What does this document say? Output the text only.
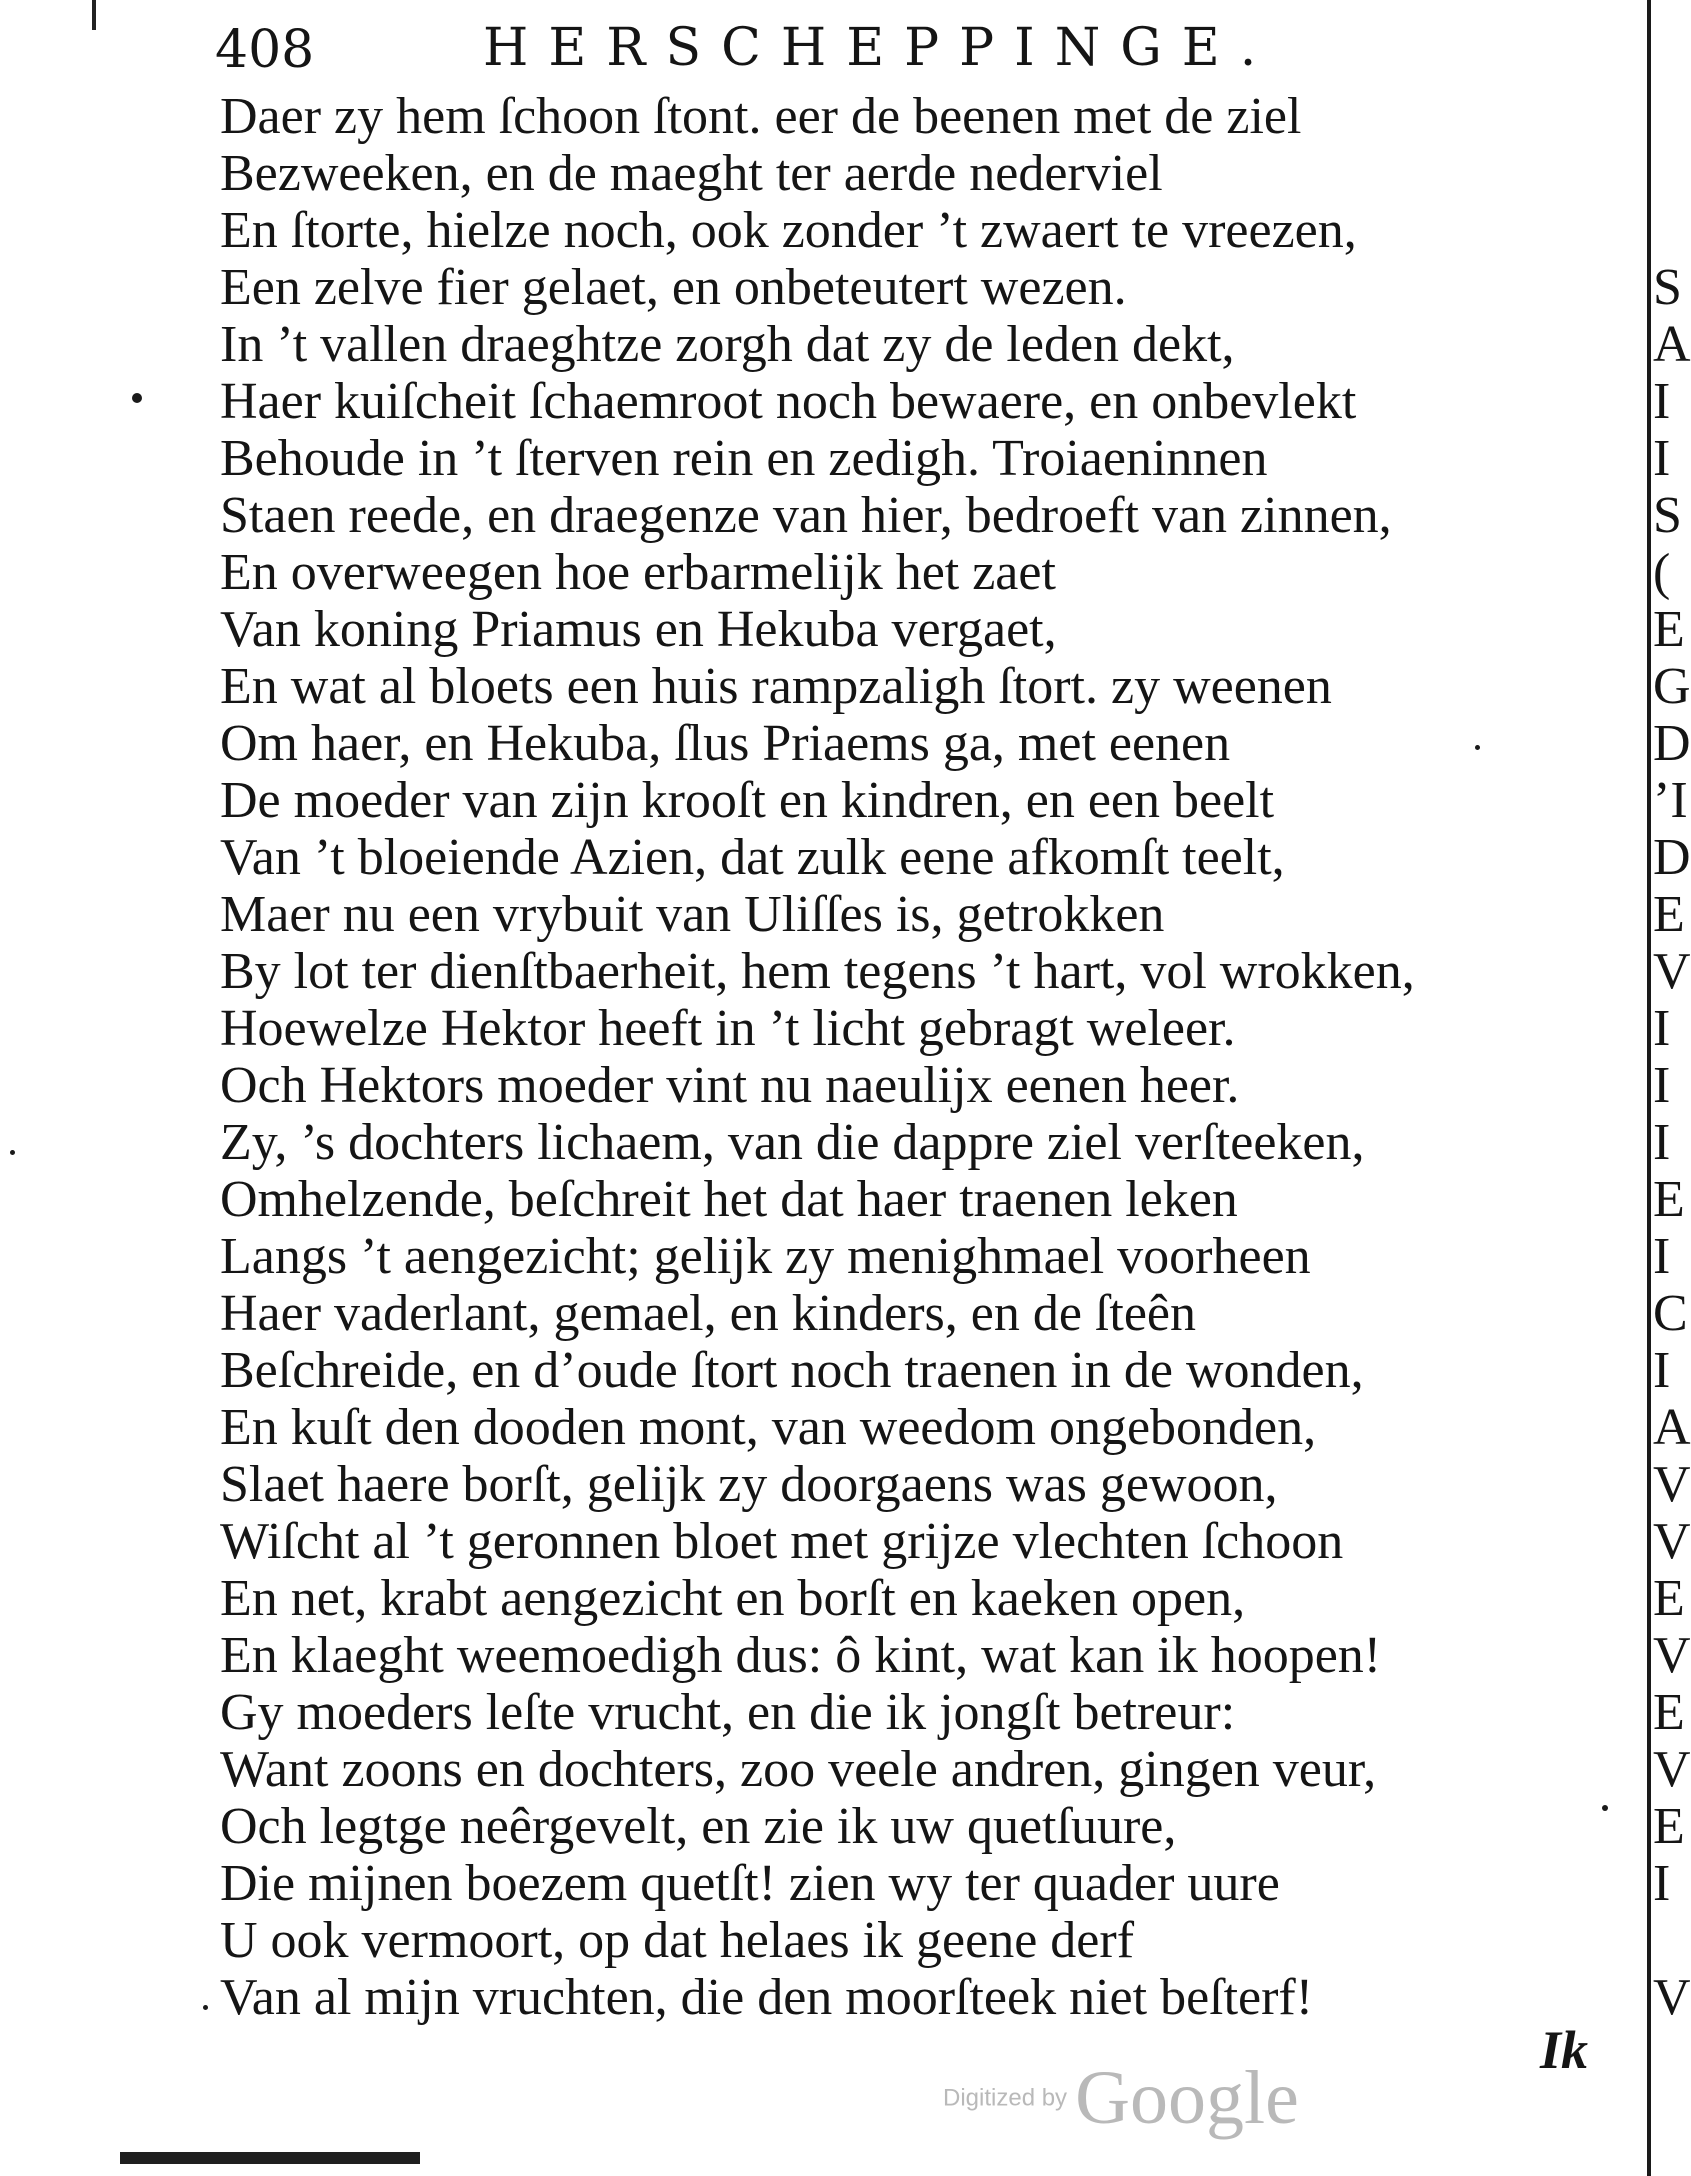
408	HERSCHEPPINGE.
Daer zy hem ſchoon ſtont. eer de beenen met de ziel
Bezweeken, en de maeght ter aerde nederviel
En ſtorte, hielze noch, ook zonder ’t zwaert te vreezen,
Een zelve fier gelaet, en onbeteutert wezen.
In ’t vallen draeghtze zorgh dat zy de leden dekt,
Haer kuiſcheit ſchaemroot noch bewaere, en onbevlekt
Behoude in ’t ſterven rein en zedigh. Troiaeninnen
Staen reede, en draegenze van hier, bedroeft van zinnen,
En overweegen hoe erbarmelijk het zaet
Van koning Priamus en Hekuba vergaet,
En wat al bloets een huis rampzaligh ſtort. zy weenen
Om haer, en Hekuba, ſlus Priaems ga, met eenen
De moeder van zijn krooſt en kindren, en een beelt
Van ’t bloeiende Azien, dat zulk eene afkomſt teelt,
Maer nu een vrybuit van Uliſſes is, getrokken
By lot ter dienſtbaerheit, hem tegens ’t hart, vol wrokken,
Hoewelze Hektor heeft in ’t licht gebragt weleer.
Och Hektors moeder vint nu naeulijx eenen heer.
Zy, ’s dochters lichaem, van die dappre ziel verſteeken,
Omhelzende, beſchreit het dat haer traenen leken
Langs ’t aengezicht; gelijk zy menighmael voorheen
Haer vaderlant, gemael, en kinders, en de ſteên
Beſchreide, en d’oude ſtort noch traenen in de wonden,
En kuſt den dooden mont, van weedom ongebonden,
Slaet haere borſt, gelijk zy doorgaens was gewoon,
Wiſcht al ’t geronnen bloet met grijze vlechten ſchoon
En net, krabt aengezicht en borſt en kaeken open,
En klaeght weemoedigh dus: ô kint, wat kan ik hoopen!
Gy moeders leſte vrucht, en die ik jongſt betreur:
Want zoons en dochters, zoo veele andren, gingen veur,
Och legtge neêrgevelt, en zie ik uw quetſuure,
Die mijnen boezem quetſt! zien wy ter quader uure
U ook vermoort, op dat helaes ik geene derf
Van al mijn vruchten, die den moorſteek niet beſterf!
Ik
Digitized by Google
S
A
I
I
S
(
E
G
D
’I
D
E
V
I
I
I
E
I
C
I
A
V
V
E
V
E
V
E
I
V
